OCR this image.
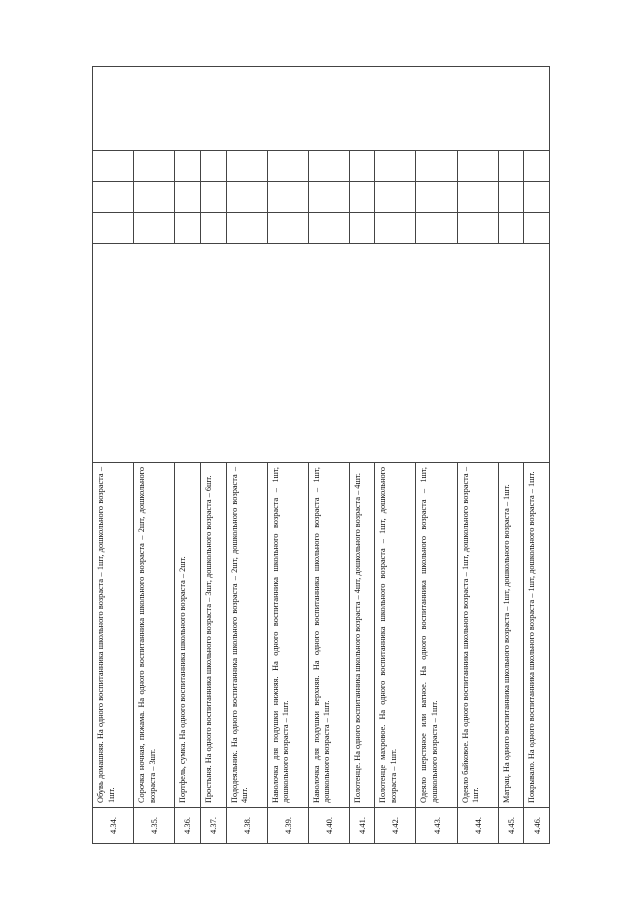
4.34.	Обувь домашняя. На одного воспитанника школьного возраста – 1шт, дошкольного возраста – 1шт.					
4.35.	Сорочка ночная, пижама. На одного воспитанника школьного возраста – 2шт, дошкольного возраста – 3шт.					
4.36.	Портфель, сумка. На одного воспитанника школьного возраста – 2шт.					
4.37.	Простыня. На одного воспитанника школьного возраста – 3шт, дошкольного возраста – 6шт.					
4.38.	Пододеяльник. На одного воспитанника школьного возраста – 2шт, дошкольного возраста – 4шт.					
4.39.	Наволочка для подушки нижняя. На одного воспитанника школьного возраста – 1шт, дошкольного возраста – 1шт.					
4.40.	Наволочка для подушки верхняя. На одного воспитанника школьного возраста – 1шт, дошкольного возраста – 1шт.					
4.41.	Полотенце. На одного воспитанника школьного возраста – 4шт, дошкольного возраста – 4шт.					
4.42.	Полотенце махровое. На одного воспитанника школьного возраста – 1шт, дошкольного возраста – 1шт.					
4.43.	Одеяло шерстяное или ватное. На одного воспитанника школьного возраста – 1шт, дошкольного возраста – 1шт.					
4.44.	Одеяло байковое. На одного воспитанника школьного возраста – 1шт, дошкольного возраста – 1шт.					
4.45.	Матрац. На одного воспитанника школьного возраста – 1шт, дошкольного возраста – 1шт.					
4.46.	Покрывало. На одного воспитанника школьного возраста – 1шт, дошкольного возраста – 1шт.					
